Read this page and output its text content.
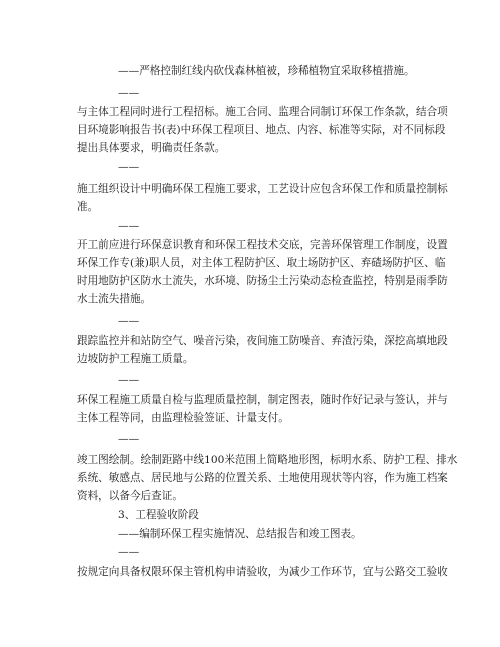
——严格控制红线内砍伐森林植被，珍稀植物宜采取移植措施。
——
与主体工程同时进行工程招标。施工合同、监理合同制订环保工作条款，结合项
目环境影响报告书(表)中环保工程项目、地点、内容、标准等实际，对不同标段
提出具体要求，明确责任条款。
——
施工组织设计中明确环保工程施工要求，工艺设计应包含环保工作和质量控制标
准。
——
开工前应进行环保意识教育和环保工程技术交底，完善环保管理工作制度，设置
环保工作专(兼)职人员，对主体工程防护区、取土场防护区、弃碴场防护区、临
时用地防护区防水土流失，水环境、防扬尘土污染动态检查监控，特别是雨季防
水土流失措施。
——
跟踪监控并和站防空气、噪音污染，夜间施工防噪音、弃渣污染，深挖高填地段
边坡防护工程施工质量。
——
环保工程施工质量自检与监理质量控制，制定图表，随时作好记录与签认，并与
主体工程等同，由监理检验签证、计量支付。
——
竣工图绘制。绘制距路中线100米范围上简略地形图，标明水系、防护工程、排水
系统、敏感点、居民地与公路的位置关系、土地使用现状等内容，作为施工档案
资料，以备今后查证。
3、工程验收阶段
——编制环保工程实施情况、总结报告和竣工图表。
——
按规定向具备权限环保主管机构申请验收，为减少工作环节，宜与公路交工验收
